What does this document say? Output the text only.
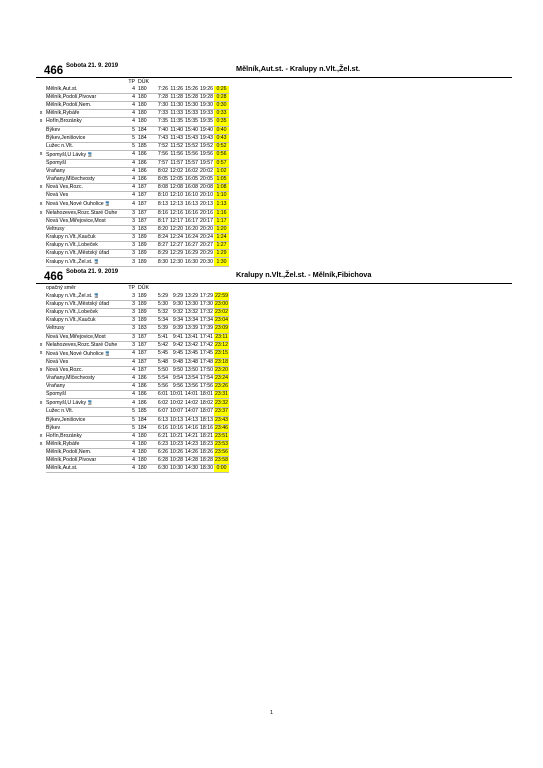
466 Sobota 21. 9. 2019	Mělník,Aut.st. - Kralupy n.Vlt.,Žel.st.
		TP	DÚK					
	Mělník,Aut.st.	4	180	7:26	11:26	15:26	19:26	0:26
	Mělník,Podolí,Pivovar	4	180	7:28	11:28	15:28	19:28	0:28
	Mělník,Podolí,Nem.	4	180	7:30	11:30	15:30	19:30	0:30
x	Mělník,Rybáře	4	180	7:33	11:33	15:33	19:33	0:33
x	Hořín,Brozánky	4	180	7:35	11:35	15:35	19:35	0:35
	Býkev	5	184	7:40	11:40	15:40	19:40	0:40
	Býkev,Jenišovice	5	184	7:43	11:43	15:43	19:43	0:43
	Lužec n.Vlt.	5	185	7:52	11:52	15:52	19:52	0:52
x	Spomyšl,U Lávky 🚆	4	186	7:56	11:56	15:56	19:56	0:56
	Spomyšl	4	186	7:57	11:57	15:57	19:57	0:57
	Vraňany	4	186	8:02	12:02	16:02	20:02	1:02
	Vraňany,Mlčechvosty	4	186	8:05	12:05	16:05	20:05	1:05
x	Nová Ves,Rozc.	4	187	8:08	12:08	16:08	20:08	1:08
	Nová Ves	4	187	8:10	12:10	16:10	20:10	1:10
x	Nová Ves,Nové Ouholice 🚆	4	187	8:13	12:13	16:13	20:13	1:13
x	Nelahozeves,Rozc.Staré Ouhe	3	187	8:16	12:16	16:16	20:16	1:16
	Nová Ves,Miřejovice,Most	3	187	8:17	12:17	16:17	20:17	1:17
	Veltrusy	3	183	8:20	12:20	16:20	20:20	1:20
	Kralupy n.Vlt.,Kaučuk	3	189	8:24	12:24	16:24	20:24	1:24
	Kralupy n.Vlt.,Lobeček	3	189	8:27	12:27	16:27	20:27	1:27
	Kralupy n.Vlt.,Městský úřad	3	189	8:29	12:29	16:29	20:29	1:29
	Kralupy n.Vlt.,Žel.st. 🚆	3	189	8:30	12:30	16:30	20:30	1:30
466 Sobota 21. 9. 2019	Kralupy n.Vlt.,Žel.st. - Mělník,Fibichova
	opačný směr	TP	DÚK					
	Kralupy n.Vlt.,Žel.st. 🚆	3	189	5:29	9:29	13:29	17:29	22:59
	Kralupy n.Vlt.,Městský úřad	3	189	5:30	9:30	13:30	17:30	23:00
	Kralupy n.Vlt.,Lobeček	3	189	5:32	9:32	13:32	17:32	23:02
	Kralupy n.Vlt.,Kaučuk	3	189	5:34	9:34	13:34	17:34	23:04
	Veltrusy	3	183	5:39	9:39	13:39	17:39	23:09
	Nová Ves,Miřejovice,Most	3	187	5:41	9:41	13:41	17:41	23:11
x	Nelahozeves,Rozc.Staré Ouhe	3	187	5:42	9:42	13:42	17:42	23:12
x	Nová Ves,Nové Ouholice 🚆	4	187	5:45	9:45	13:45	17:45	23:15
	Nová Ves	4	187	5:48	9:48	13:48	17:48	23:18
x	Nová Ves,Rozc.	4	187	5:50	9:50	13:50	17:50	23:20
	Vraňany,Mlčechvosty	4	186	5:54	9:54	13:54	17:54	23:24
	Vraňany	4	186	5:56	9:56	13:56	17:56	23:26
	Spomyšl	4	186	6:01	10:01	14:01	18:01	23:31
x	Spomyšl,U Lávky 🚆	4	186	6:02	10:02	14:02	18:02	23:32
	Lužec n.Vlt.	5	185	6:07	10:07	14:07	18:07	23:37
	Býkev,Jenišovice	5	184	6:13	10:13	14:13	18:13	23:43
	Býkev	5	184	6:16	10:16	14:16	18:16	23:46
x	Hořín,Brozánky	4	180	6:21	10:21	14:21	18:21	23:51
x	Mělník,Rybáře	4	180	6:23	10:23	14:23	18:23	23:53
	Mělník,Podolí,Nem.	4	180	6:26	10:26	14:26	18:26	23:56
	Mělník,Podolí,Pivovar	4	180	6:28	10:28	14:28	18:28	23:58
	Mělník,Aut.st.	4	180	6:30	10:30	14:30	18:30	0:00
1
